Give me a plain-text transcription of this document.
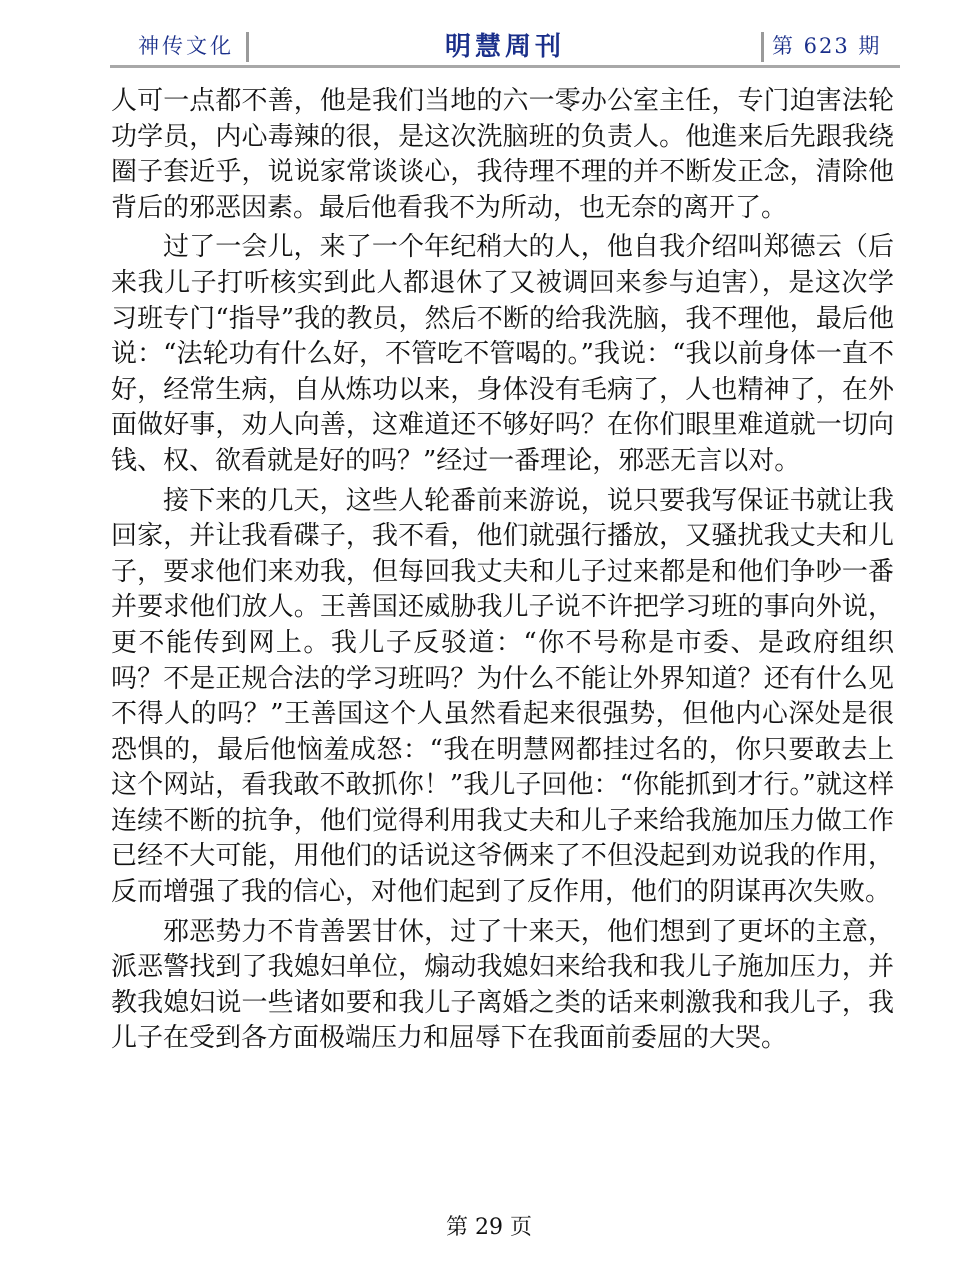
神传文化	明慧周刊	第 623 期

人可一点都不善，他是我们当地的六一零办公室主任，专门迫害法轮功学员，内心毒辣的很，是这次洗脑班的负责人。他進来后先跟我绕圈子套近乎，说说家常谈谈心，我待理不理的并不断发正念，清除他背后的邪恶因素。最后他看我不为所动，也无奈的离开了。

过了一会儿，来了一个年纪稍大的人，他自我介绍叫郑德云（后来我儿子打听核实到此人都退休了又被调回来参与迫害），是这次学习班专门“指导”我的教员，然后不断的给我洗脑，我不理他，最后他说：“法轮功有什么好，不管吃不管喝的。”我说：“我以前身体一直不好，经常生病，自从炼功以来，身体没有毛病了，人也精神了，在外面做好事，劝人向善，这难道还不够好吗？在你们眼里难道就一切向钱、权、欲看就是好的吗？”经过一番理论，邪恶无言以对。

接下来的几天，这些人轮番前来游说，说只要我写保证书就让我回家，并让我看碟子，我不看，他们就强行播放，又骚扰我丈夫和儿子，要求他们来劝我，但每回我丈夫和儿子过来都是和他们争吵一番并要求他们放人。王善国还威胁我儿子说不许把学习班的事向外说，更不能传到网上。我儿子反驳道：“你不号称是市委、是政府组织吗？不是正规合法的学习班吗？为什么不能让外界知道？还有什么见不得人的吗？”王善国这个人虽然看起来很强势，但他内心深处是很恐惧的，最后他恼羞成怒：“我在明慧网都挂过名的，你只要敢去上这个网站，看我敢不敢抓你！”我儿子回他：“你能抓到才行。”就这样连续不断的抗争，他们觉得利用我丈夫和儿子来给我施加压力做工作已经不大可能，用他们的话说这爷俩来了不但没起到劝说我的作用，反而增强了我的信心，对他们起到了反作用，他们的阴谋再次失败。

邪恶势力不肯善罢甘休，过了十来天，他们想到了更坏的主意，派恶警找到了我媳妇单位，煽动我媳妇来给我和我儿子施加压力，并教我媳妇说一些诸如要和我儿子离婚之类的话来刺激我和我儿子，我儿子在受到各方面极端压力和屈辱下在我面前委屈的大哭。

第 29 页
